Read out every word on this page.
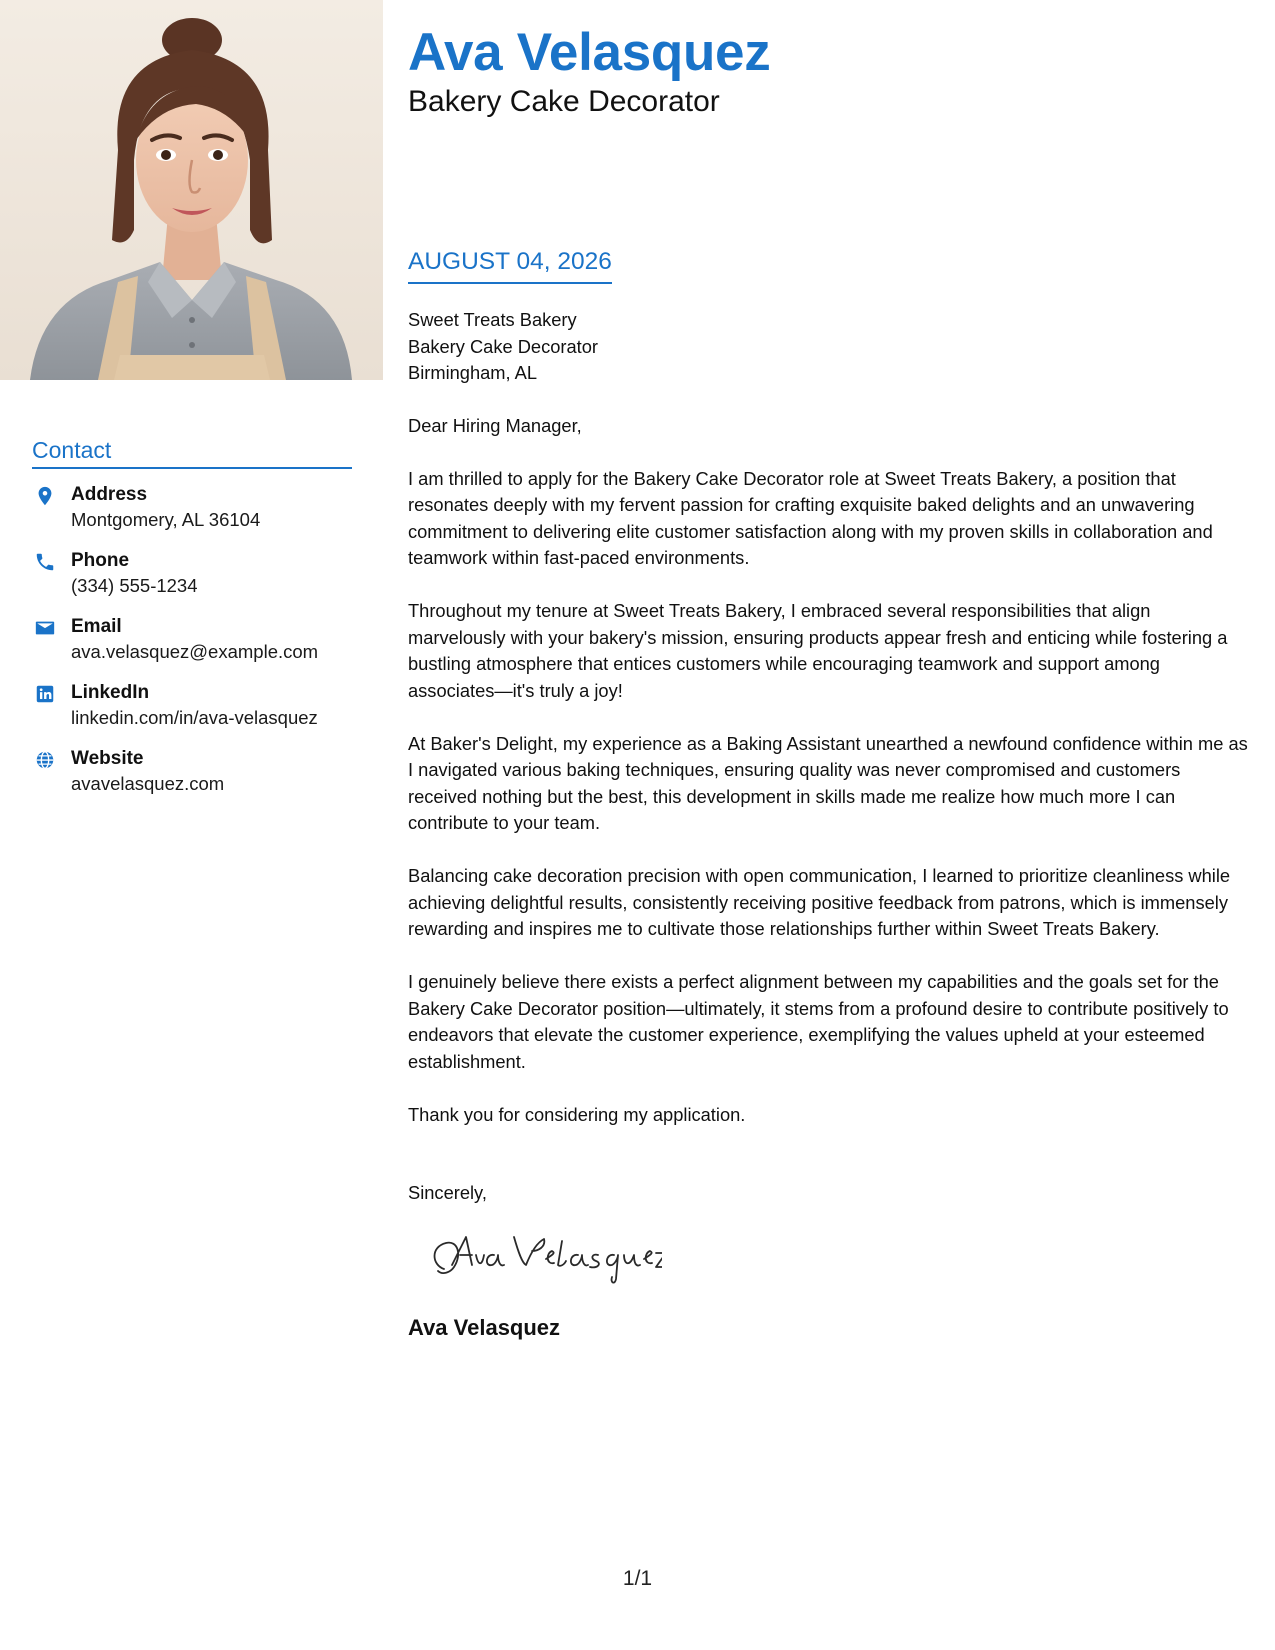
Contact
Address
Montgomery, AL 36104
Phone
(334) 555-1234
Email
ava.velasquez@example.com
LinkedIn
linkedin.com/in/ava-velasquez
Website
avavelasquez.com
Ava Velasquez
Bakery Cake Decorator
AUGUST 04, 2026

Sweet Treats Bakery
Bakery Cake Decorator
Birmingham, AL

Dear Hiring Manager,

I am thrilled to apply for the Bakery Cake Decorator role at Sweet Treats Bakery, a position that resonates deeply with my fervent passion for crafting exquisite baked delights and an unwavering commitment to delivering elite customer satisfaction along with my proven skills in collaboration and teamwork within fast-paced environments.

Throughout my tenure at Sweet Treats Bakery, I embraced several responsibilities that align marvelously with your bakery's mission, ensuring products appear fresh and enticing while fostering a bustling atmosphere that entices customers while encouraging teamwork and support among associates—it's truly a joy!

At Baker's Delight, my experience as a Baking Assistant unearthed a newfound confidence within me as I navigated various baking techniques, ensuring quality was never compromised and customers received nothing but the best, this development in skills made me realize how much more I can contribute to your team.

Balancing cake decoration precision with open communication, I learned to prioritize cleanliness while achieving delightful results, consistently receiving positive feedback from patrons, which is immensely rewarding and inspires me to cultivate those relationships further within Sweet Treats Bakery.

I genuinely believe there exists a perfect alignment between my capabilities and the goals set for the Bakery Cake Decorator position—ultimately, it stems from a profound desire to contribute positively to endeavors that elevate the customer experience, exemplifying the values upheld at your esteemed establishment.

Thank you for considering my application.

Sincerely,

Ava Velasquez

1/1
